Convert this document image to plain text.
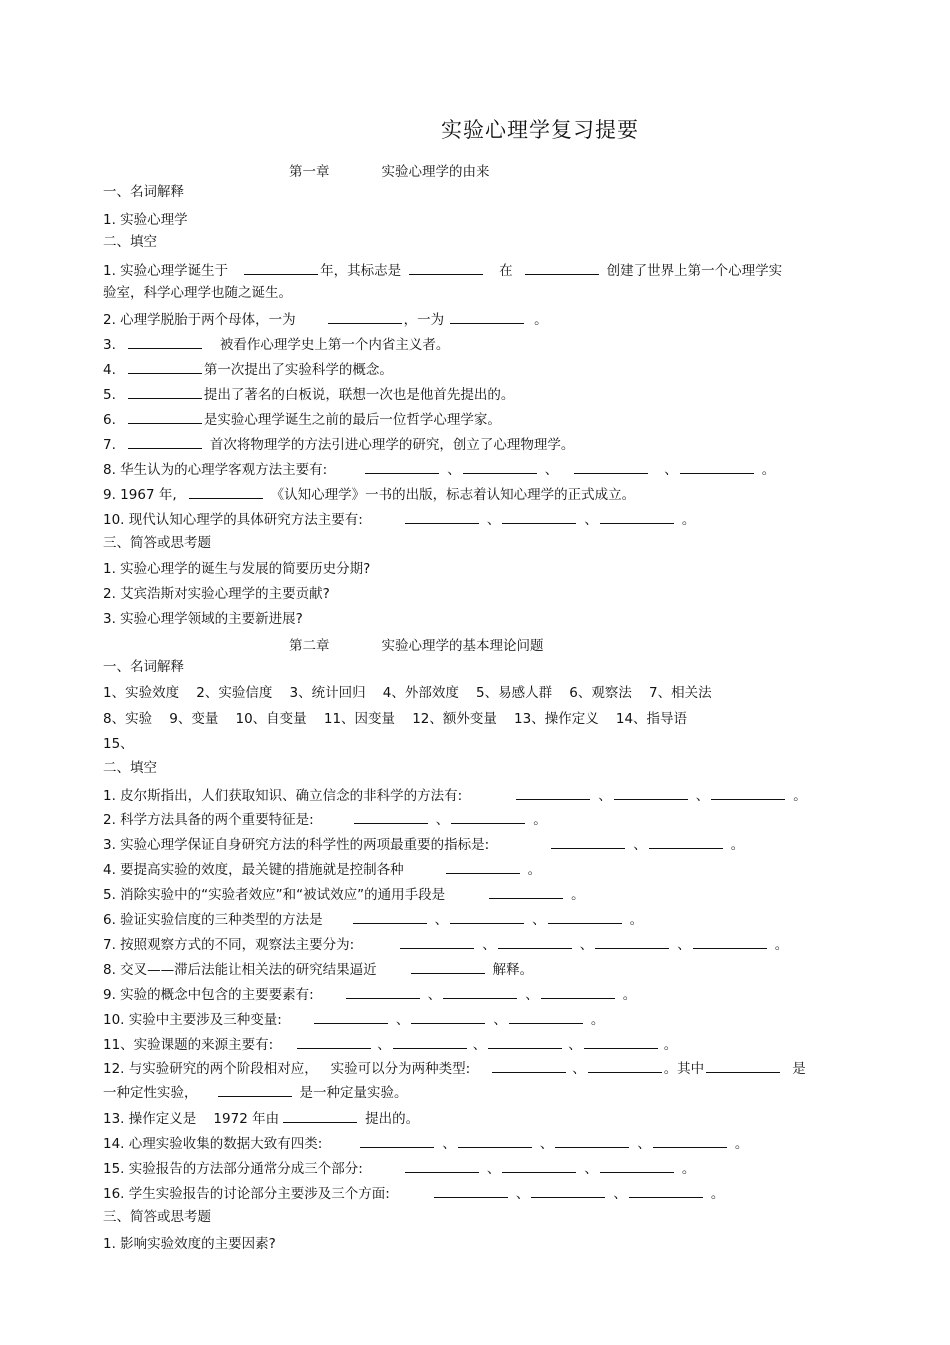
实验心理学复习提要
第一章	实验心理学的由来
一、名词解释
1. 实验心理学
二、填空
1. 实验心理学诞生于	年，其标志是	在	创建了世界上第一个心理学实
验室，科学心理学也随之诞生。
2. 心理学脱胎于两个母体，一为	，一为	。
3.	被看作心理学史上第一个内省主义者。
4.	第一次提出了实验科学的概念。
5.	提出了著名的白板说，联想一次也是他首先提出的。
6.	是实验心理学诞生之前的最后一位哲学心理学家。
7.	首次将物理学的方法引进心理学的研究，创立了心理物理学。
8. 华生认为的心理学客观方法主要有:	、	、	、	。
9. 1967 年,	《认知心理学》一书的出版，标志着认知心理学的正式成立。
10. 现代认知心理学的具体研究方法主要有:	、	、	。
三、简答或思考题
1. 实验心理学的诞生与发展的简要历史分期?
2. 艾宾浩斯对实验心理学的主要贡献?
3. 实验心理学领域的主要新进展?
第二章	实验心理学的基本理论问题
一、名词解释
1、实验效度    2、实验信度    3、统计回归    4、外部效度    5、易感人群    6、观察法    7、相关法
8、实验    9、变量    10、自变量    11、因变量    12、额外变量    13、操作定义    14、指导语
15、
二、填空
1. 皮尔斯指出，人们获取知识、确立信念的非科学的方法有:	、	、	。
2. 科学方法具备的两个重要特征是:	、	。
3. 实验心理学保证自身研究方法的科学性的两项最重要的指标是:	、	。
4. 要提高实验的效度，最关键的措施就是控制各种	。
5. 消除实验中的“实验者效应”和“被试效应”的通用手段是	。
6. 验证实验信度的三种类型的方法是	、	、	。
7. 按照观察方式的不同，观察法主要分为:	、	、	、	。
8. 交叉——滞后法能让相关法的研究结果逼近	解释。
9. 实验的概念中包含的主要要素有:	、	、	。
10. 实验中主要涉及三种变量:	、	、	。
11、实验课题的来源主要有:	、	、	、	。
12. 与实验研究的两个阶段相对应，   实验可以分为两种类型:	、	。其中	是
一种定性实验，	是一种定量实验。
13. 操作定义是    1972 年由	提出的。
14. 心理实验收集的数据大致有四类:	、	、	、	。
15. 实验报告的方法部分通常分成三个部分:	、	、	。
16. 学生实验报告的讨论部分主要涉及三个方面:	、	、	。
三、简答或思考题
1. 影响实验效度的主要因素?
